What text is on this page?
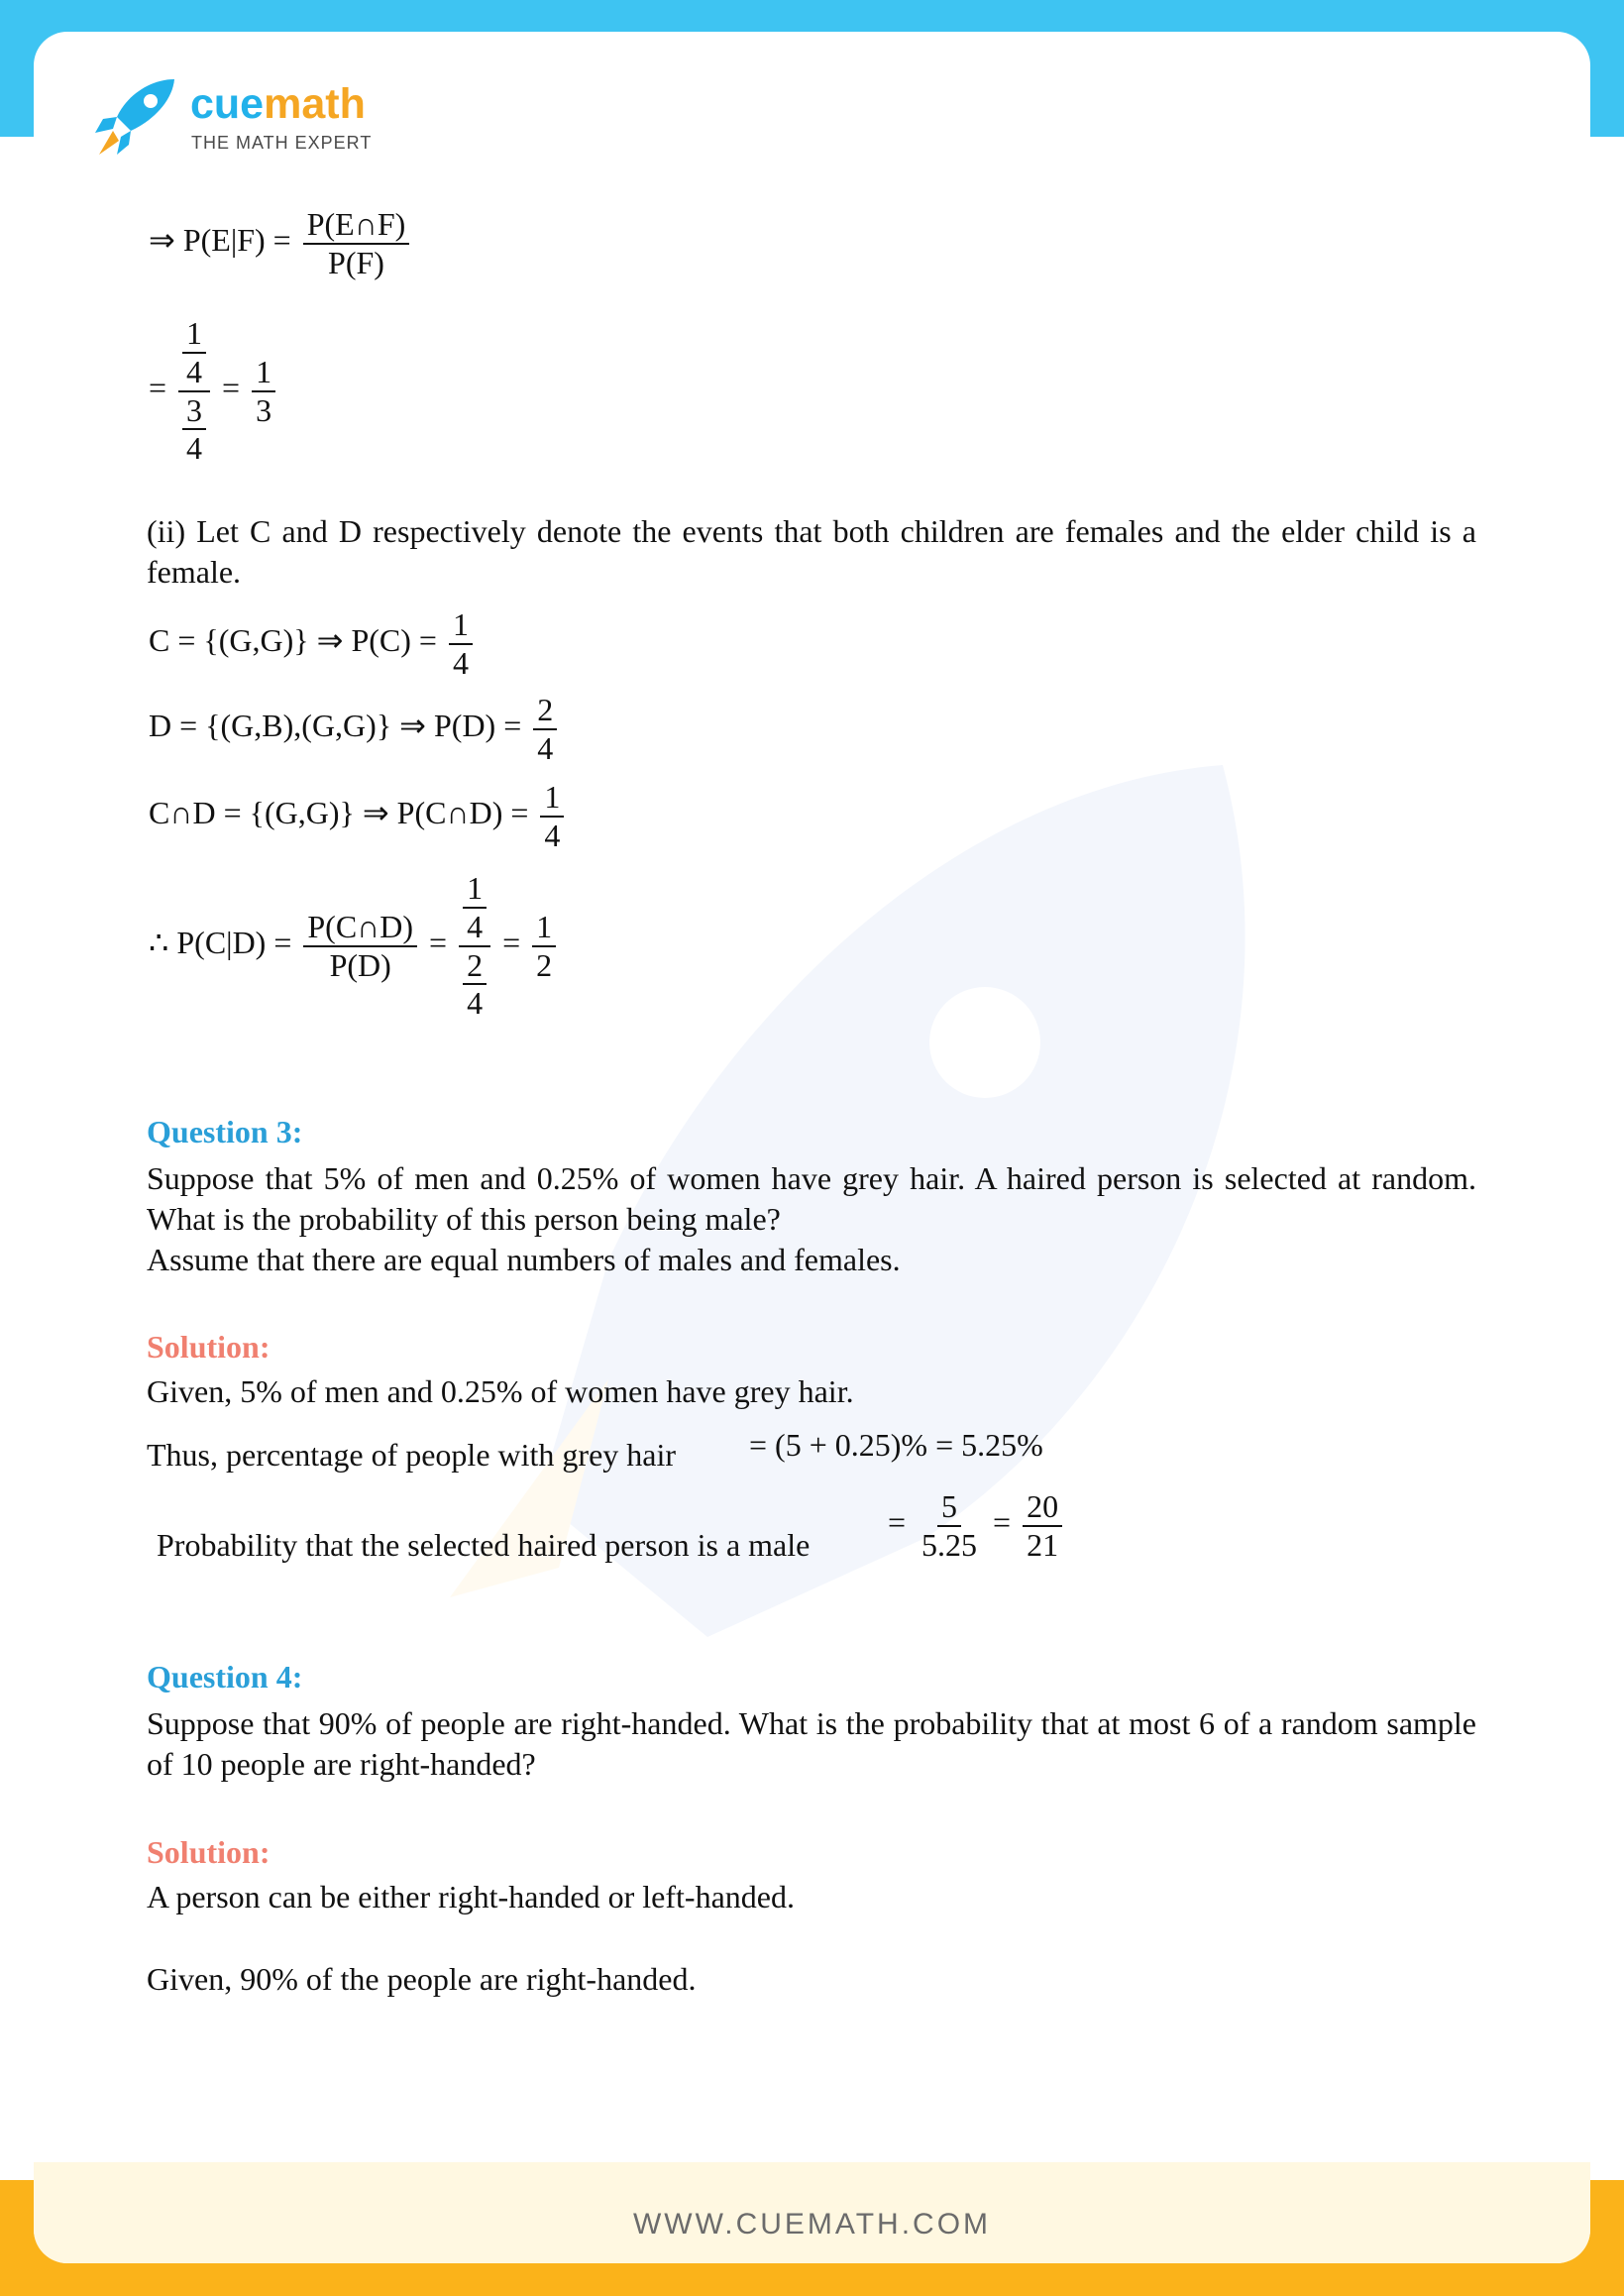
WWW.CUEMATH.COM
cuemath
THE MATH EXPERT
⇒ $P(E|F) = \frac{P(E\cap F)}{P(F)}$
= 1
4
3
$4 = \frac{1}{3}$
(ii) Let C and D respectively denote the events that both children are females and the elder child is a female.
C = {(G,G)} ⇒ $P(C) = \frac{1}{4}$
D = {(G,B),(G,G)} ⇒ $P(D) = \frac{2}{4}$
C∩D = {(G,G)} ⇒ P(C∩D) = $\frac{1}{4}$
∴ $P(C|D) = \frac{P(C\cap D)}{P(D)} = 1$
4
2
$4 = \frac{1}{2}$
Question 3:
Suppose that 5% of men and 0.25% of women have grey hair. A haired person is selected at random. What is the probability of this person being male?
Assume that there are equal numbers of males and females.
Solution:
Given, 5% of men and 0.25% of women have grey hair.
Thus, percentage of people with grey hair = (5 + 0.25)% = 5.25%
Probability that the selected haired person is a male
= $\frac{5}{5.25} = \frac{20}{21}$
Question 4:
Suppose that 90% of people are right-handed. What is the probability that at most 6 of a random sample of 10 people are right-handed?
Solution:
A person can be either right-handed or left-handed.
Given, 90% of the people are right-handed.
